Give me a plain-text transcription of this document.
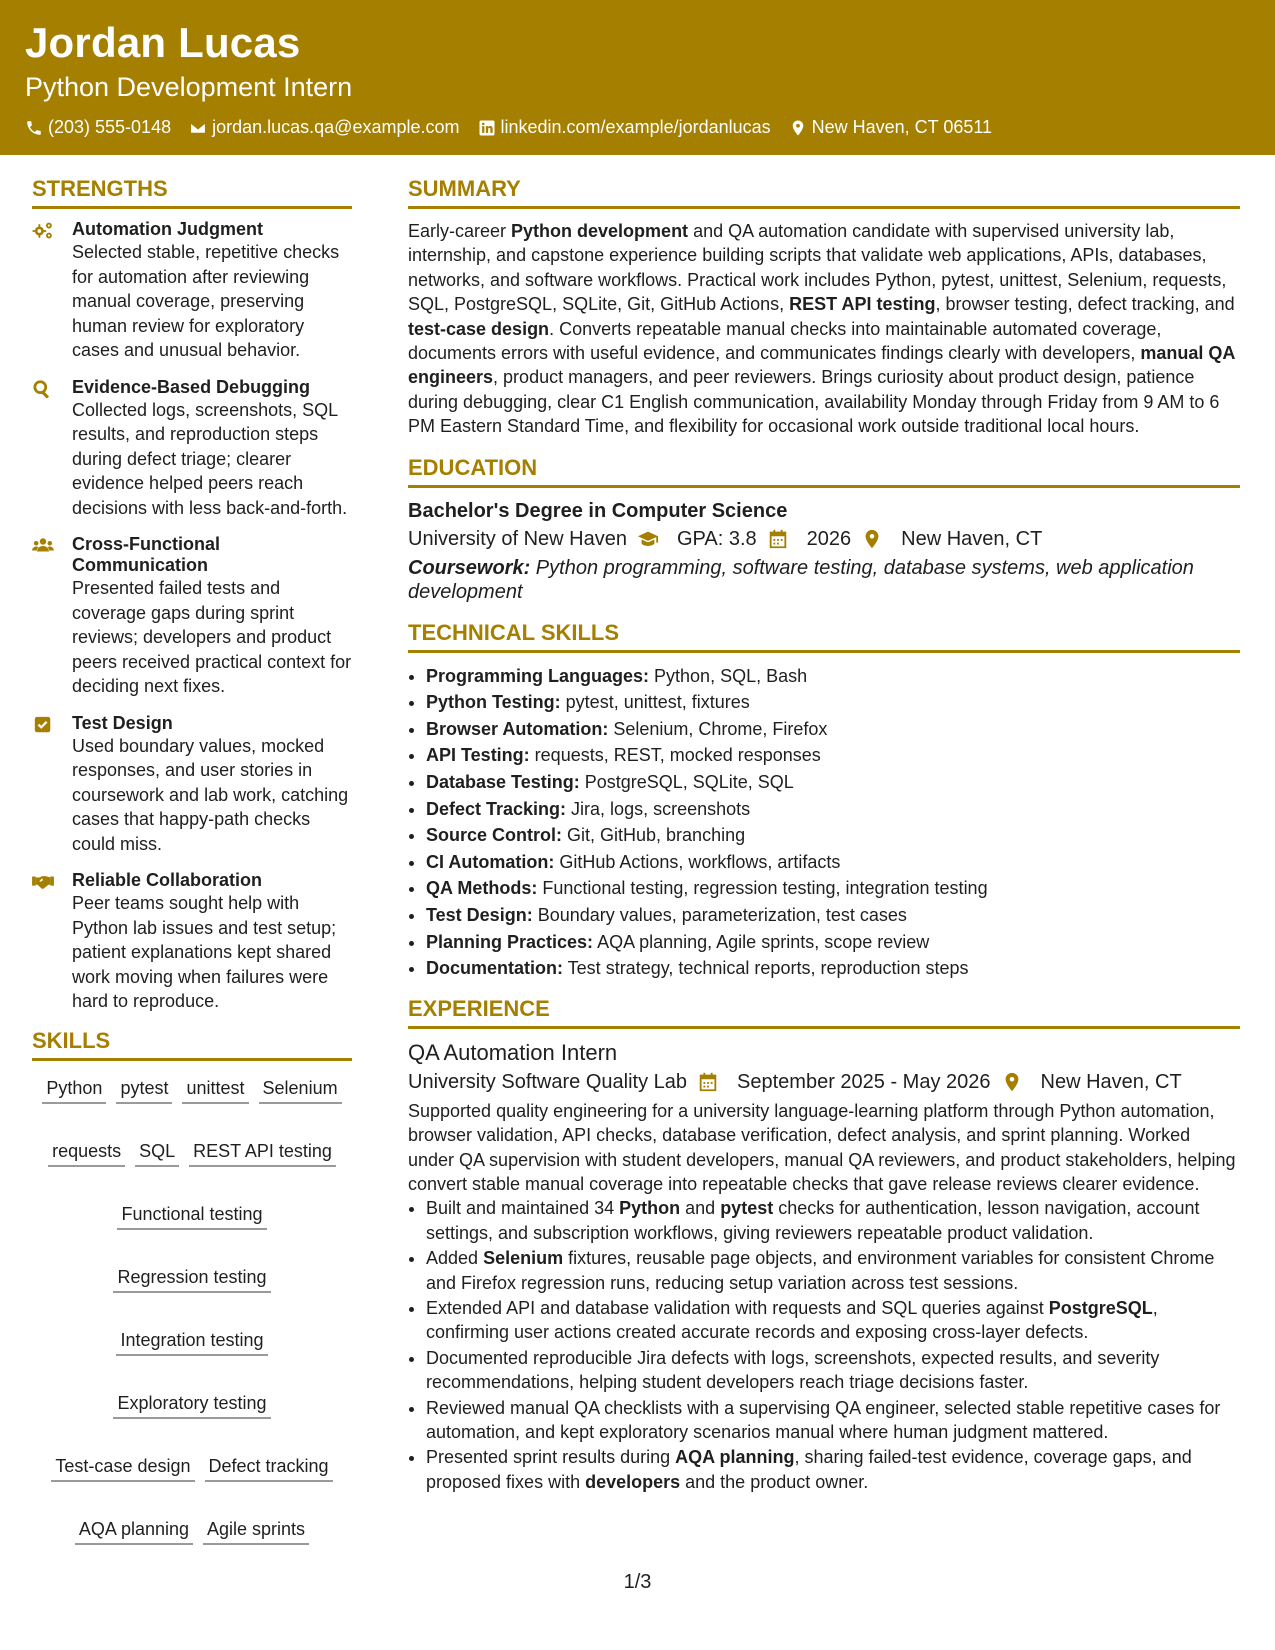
Jordan Lucas
Python Development Intern
(203) 555-0148 jordan.lucas.qa@example.com linkedin.com/example/jordanlucas New Haven, CT 06511
STRENGTHS
Automation Judgment
Selected stable, repetitive checks for automation after reviewing manual coverage, preserving human review for exploratory cases and unusual behavior.
Evidence-Based Debugging
Collected logs, screenshots, SQL results, and reproduction steps during defect triage; clearer evidence helped peers reach decisions with less back-and-forth.
Cross-Functional Communication
Presented failed tests and coverage gaps during sprint reviews; developers and product peers received practical context for deciding next fixes.
Test Design
Used boundary values, mocked responses, and user stories in coursework and lab work, catching cases that happy-path checks could miss.
Reliable Collaboration
Peer teams sought help with Python lab issues and test setup; patient explanations kept shared work moving when failures were hard to reproduce.
SKILLS
Python pytest unittest Selenium
requests SQL REST API testing
Functional testing
Regression testing
Integration testing
Exploratory testing
Test-case design Defect tracking
AQA planning Agile sprints
SUMMARY
Early-career Python development and QA automation candidate with supervised university lab, internship, and capstone experience building scripts that validate web applications, APIs, databases, networks, and software workflows. Practical work includes Python, pytest, unittest, Selenium, requests, SQL, PostgreSQL, SQLite, Git, GitHub Actions, REST API testing, browser testing, defect tracking, and test-case design. Converts repeatable manual checks into maintainable automated coverage, documents errors with useful evidence, and communicates findings clearly with developers, manual QA engineers, product managers, and peer reviewers. Brings curiosity about product design, patience during debugging, clear C1 English communication, availability Monday through Friday from 9 AM to 6 PM Eastern Standard Time, and flexibility for occasional work outside traditional local hours.
EDUCATION
Bachelor's Degree in Computer Science
University of New Haven	GPA: 3.8	2026	New Haven, CT
Coursework: Python programming, software testing, database systems, web application development
TECHNICAL SKILLS
• Programming Languages: Python, SQL, Bash
• Python Testing: pytest, unittest, fixtures
• Browser Automation: Selenium, Chrome, Firefox
• API Testing: requests, REST, mocked responses
• Database Testing: PostgreSQL, SQLite, SQL
• Defect Tracking: Jira, logs, screenshots
• Source Control: Git, GitHub, branching
• CI Automation: GitHub Actions, workflows, artifacts
• QA Methods: Functional testing, regression testing, integration testing
• Test Design: Boundary values, parameterization, test cases
• Planning Practices: AQA planning, Agile sprints, scope review
• Documentation: Test strategy, technical reports, reproduction steps
EXPERIENCE
QA Automation Intern
University Software Quality Lab	September 2025 - May 2026	New Haven, CT
Supported quality engineering for a university language-learning platform through Python automation, browser validation, API checks, database verification, defect analysis, and sprint planning. Worked under QA supervision with student developers, manual QA reviewers, and product stakeholders, helping convert stable manual coverage into repeatable checks that gave release reviews clearer evidence.
• Built and maintained 34 Python and pytest checks for authentication, lesson navigation, account settings, and subscription workflows, giving reviewers repeatable product validation.
• Added Selenium fixtures, reusable page objects, and environment variables for consistent Chrome and Firefox regression runs, reducing setup variation across test sessions.
• Extended API and database validation with requests and SQL queries against PostgreSQL, confirming user actions created accurate records and exposing cross-layer defects.
• Documented reproducible Jira defects with logs, screenshots, expected results, and severity recommendations, helping student developers reach triage decisions faster.
• Reviewed manual QA checklists with a supervising QA engineer, selected stable repetitive cases for automation, and kept exploratory scenarios manual where human judgment mattered.
• Presented sprint results during AQA planning, sharing failed-test evidence, coverage gaps, and proposed fixes with developers and the product owner.
1/3
